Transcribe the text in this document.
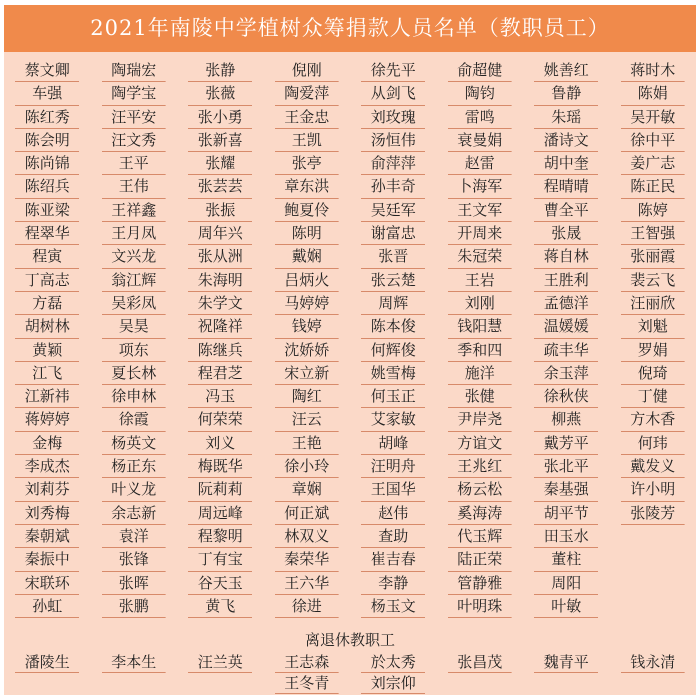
2021年南陵中学植树众筹捐款人员名单（教职员工）
蔡文卿	陶瑞宏	张静	倪刚	徐先平	俞超健	姚善红	蒋时木
车强	陶学宝	张薇	陶爱萍	从剑飞	陶钧	鲁静	陈娟
陈红秀	汪平安	张小勇	王金忠	刘玫瑰	雷鸣	朱瑶	吴开敏
陈会明	汪文秀	张新喜	王凯	汤恒伟	衰曼娟	潘诗文	徐中平
陈尚锦	王平	张耀	张亭	俞萍萍	赵雷	胡中奎	姜广志
陈绍兵	王伟	张芸芸	章东洪	孙丰奇	卜海军	程晴晴	陈正民
陈亚梁	王祥鑫	张振	鲍夏伶	吴廷军	王文军	曹全平	陈婷
程翠华	王月凤	周年兴	陈明	谢富忠	开周来	张晟	王智强
程寅	文兴龙	张从洲	戴娴	张晋	朱冠荣	蒋自林	张丽霞
丁高志	翁江辉	朱海明	吕炳火	张云楚	王岩	王胜利	裴云飞
方磊	吴彩凤	朱学文	马婷婷	周辉	刘刚	孟德洋	汪丽欣
胡树林	吴昊	祝隆祥	钱婷	陈本俊	钱阳慧	温媛媛	刘魁
黄颖	项东	陈继兵	沈娇娇	何辉俊	季和四	疏丰华	罗娟
江飞	夏长林	程君芝	宋立新	姚雪梅	施洋	余玉萍	倪琦
江新祎	徐申林	冯玉	陶红	何玉正	张健	徐秋侠	丁健
蒋婷婷	徐霞	何荣荣	汪云	艾家敏	尹岸尧	柳燕	方木香
金梅	杨英文	刘义	王艳	胡峰	方谊文	戴芳平	何玮
李成杰	杨正东	梅既华	徐小玲	汪明舟	王兆红	张北平	戴发义
刘莉芬	叶义龙	阮莉莉	章娴	王国华	杨云松	秦基强	许小明
刘秀梅	余志新	周远峰	何正斌	赵伟	奚海涛	胡平节	张陵芳
秦朝斌	袁洋	程黎明	林双义	查助	代玉辉	田玉水
秦振中	张锋	丁有宝	秦荣华	崔吉春	陆正荣	董柱
宋联环	张晖	谷天玉	王六华	李静	管静雅	周阳
孙虹	张鹏	黄飞	徐进	杨玉文	叶明珠	叶敏
离退休教职工
潘陵生	李本生	汪兰英	王志森	於太秀	张昌茂	魏青平	钱永清
王冬青	刘宗仰
